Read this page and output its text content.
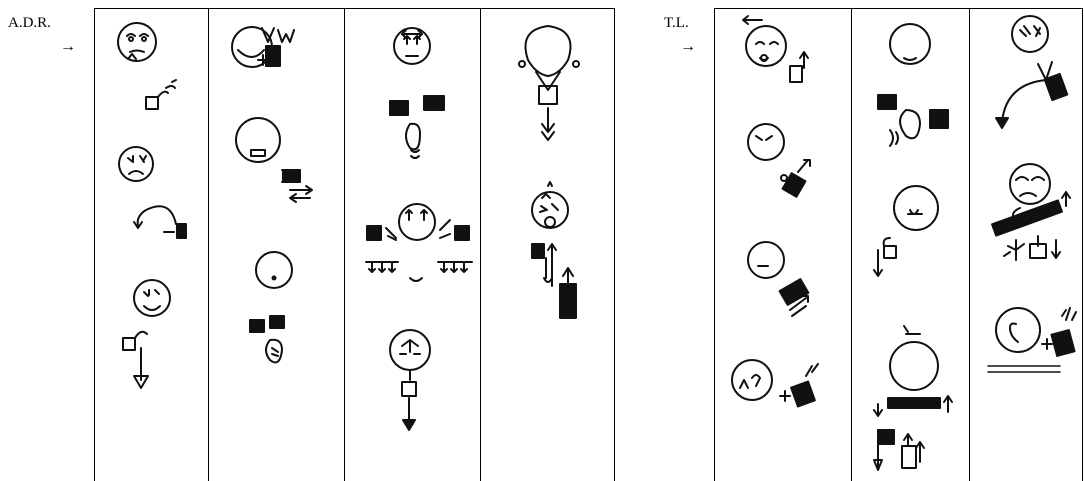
A.D.R.
→
T.L.
→
